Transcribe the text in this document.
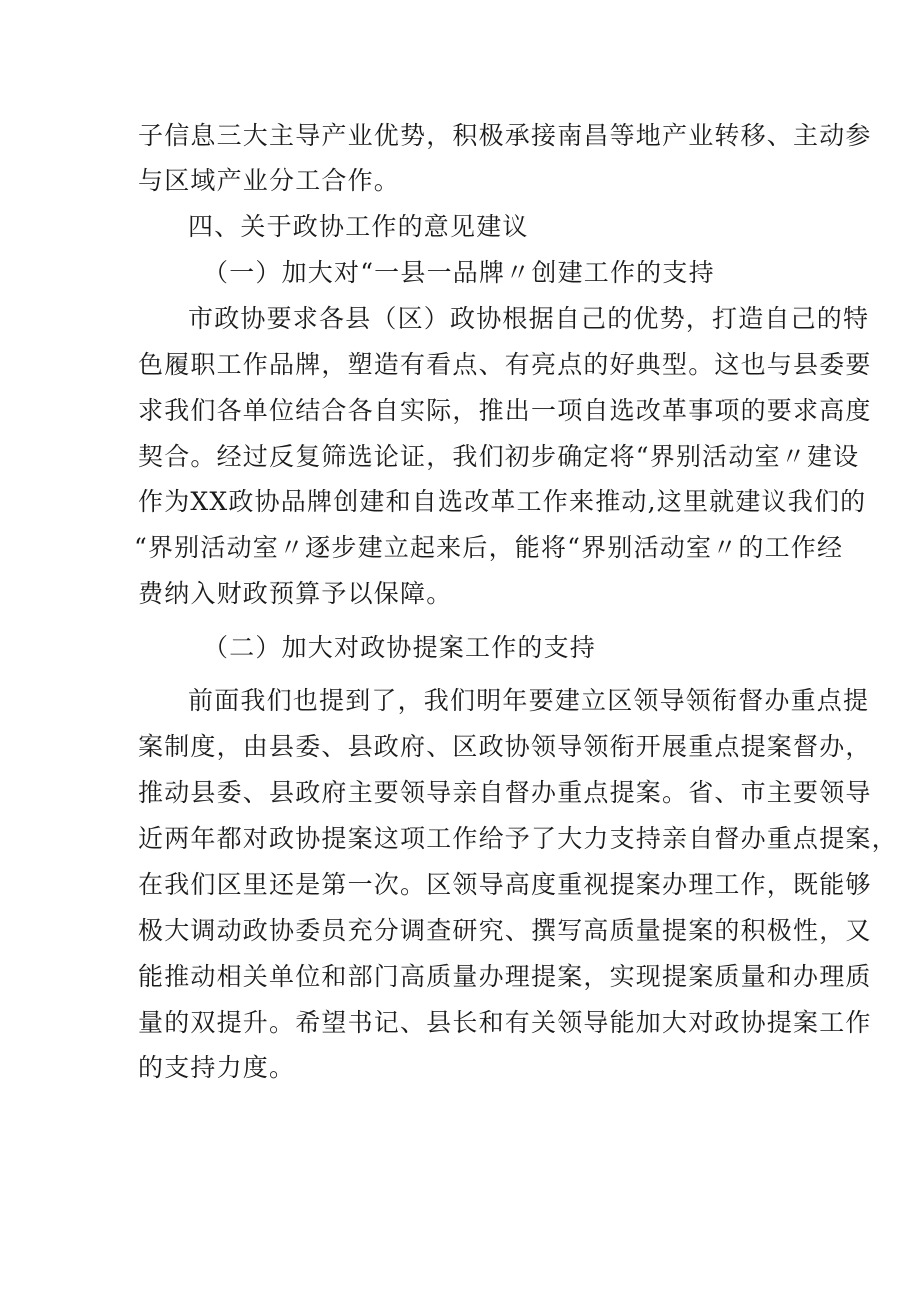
子信息三大主导产业优势，积极承接南昌等地产业转移、主动参
与区域产业分工合作。
四、关于政协工作的意见建议
（一）加大对“一县一品牌〃创建工作的支持
市政协要求各县（区）政协根据自己的优势，打造自己的特
色履职工作品牌，塑造有看点、有亮点的好典型。这也与县委要
求我们各单位结合各自实际，推出一项自选改革事项的要求高度
契合。经过反复筛选论证，我们初步确定将“界别活动室〃建设
作为XX政协品牌创建和自选改革工作来推动,这里就建议我们的
“界别活动室〃逐步建立起来后，能将“界别活动室〃的工作经
费纳入财政预算予以保障。
（二）加大对政协提案工作的支持
前面我们也提到了，我们明年要建立区领导领衔督办重点提
案制度，由县委、县政府、区政协领导领衔开展重点提案督办，
推动县委、县政府主要领导亲自督办重点提案。省、市主要领导
近两年都对政协提案这项工作给予了大力支持亲自督办重点提案，
在我们区里还是第一次。区领导高度重视提案办理工作，既能够
极大调动政协委员充分调查研究、撰写高质量提案的积极性，又
能推动相关单位和部门高质量办理提案，实现提案质量和办理质
量的双提升。希望书记、县长和有关领导能加大对政协提案工作
的支持力度。
